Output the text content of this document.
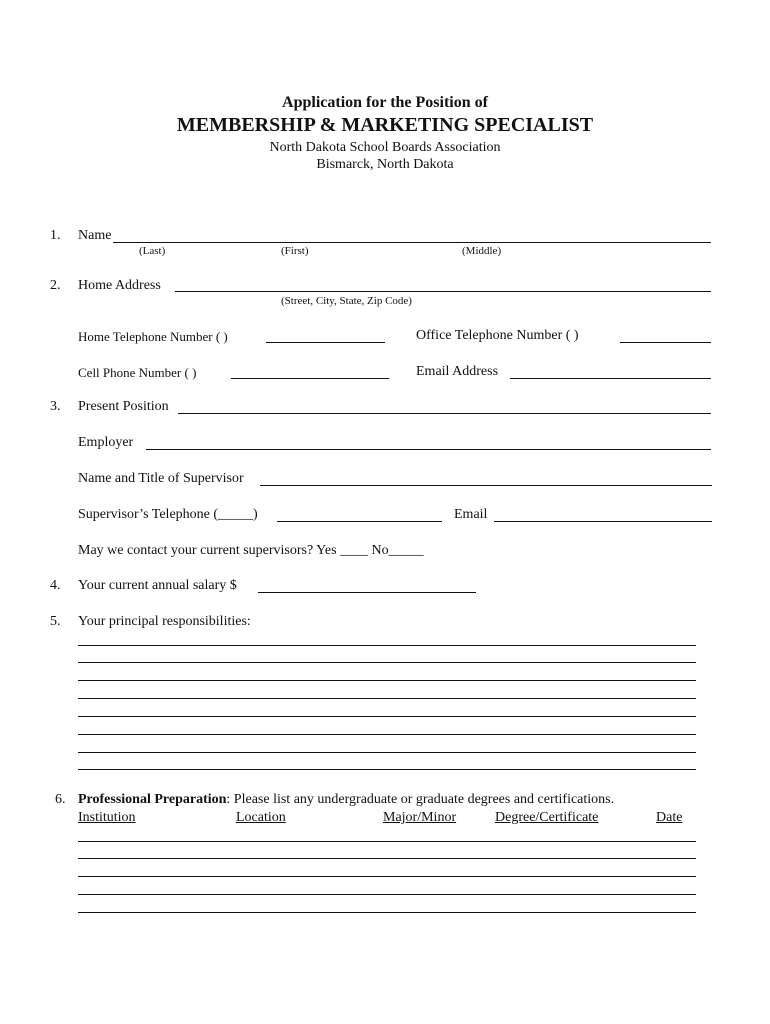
Application for the Position of
MEMBERSHIP & MARKETING SPECIALIST
North Dakota School Boards Association
Bismarck, North Dakota
1. Name
(Last)	(First)	(Middle)
2. Home Address
(Street, City, State, Zip Code)
Home Telephone Number ( )	Office Telephone Number ( )
Cell Phone Number ( )	Email Address
3. Present Position
Employer
Name and Title of Supervisor
Supervisor’s Telephone (_____)	Email
May we contact your current supervisors? Yes ____ No_____
4. Your current annual salary $
5. Your principal responsibilities:
6. Professional Preparation: Please list any undergraduate or graduate degrees and certifications.
Institution	Location	Major/Minor	Degree/Certificate	Date
